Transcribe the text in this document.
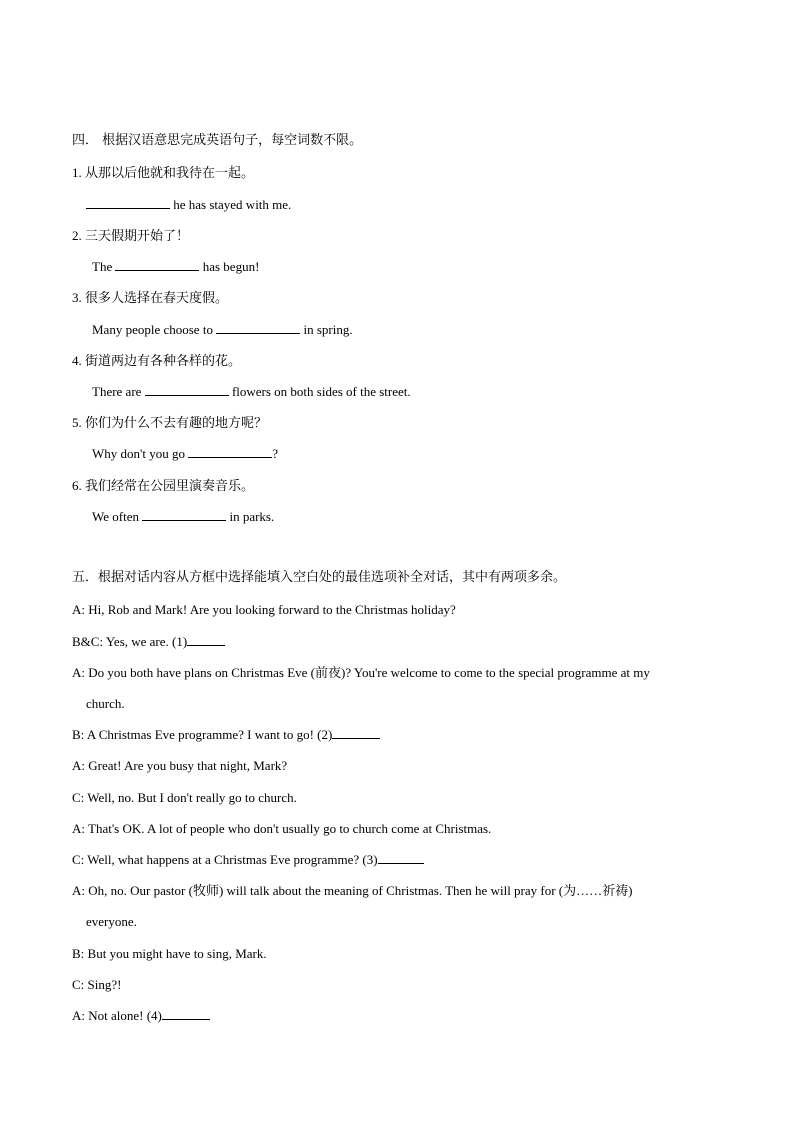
四． 根据汉语意思完成英语句子，每空词数不限。
1. 从那以后他就和我待在一起。
he has stayed with me.
2. 三天假期开始了！
The	has begun!
3. 很多人选择在春天度假。
Many people choose to	in spring.
4. 街道两边有各种各样的花。
There are	flowers on both sides of the street.
5. 你们为什么不去有趣的地方呢？
Why don't you go	?
6. 我们经常在公园里演奏音乐。
We often	in parks.
五．根据对话内容从方框中选择能填入空白处的最佳选项补全对话，其中有两项多余。
A: Hi, Rob and Mark! Are you looking forward to the Christmas holiday?
B&C: Yes, we are. (1)
A: Do you both have plans on Christmas Eve (前夜)? You're welcome to come to the special programme at my
church.
B: A Christmas Eve programme? I want to go! (2)
A: Great! Are you busy that night, Mark?
C: Well, no. But I don't really go to church.
A: That's OK. A lot of people who don't usually go to church come at Christmas.
C: Well, what happens at a Christmas Eve programme? (3)
A: Oh, no. Our pastor (牧师) will talk about the meaning of Christmas. Then he will pray for (为……祈祷)
everyone.
B: But you might have to sing, Mark.
C: Sing?!
A: Not alone! (4)
